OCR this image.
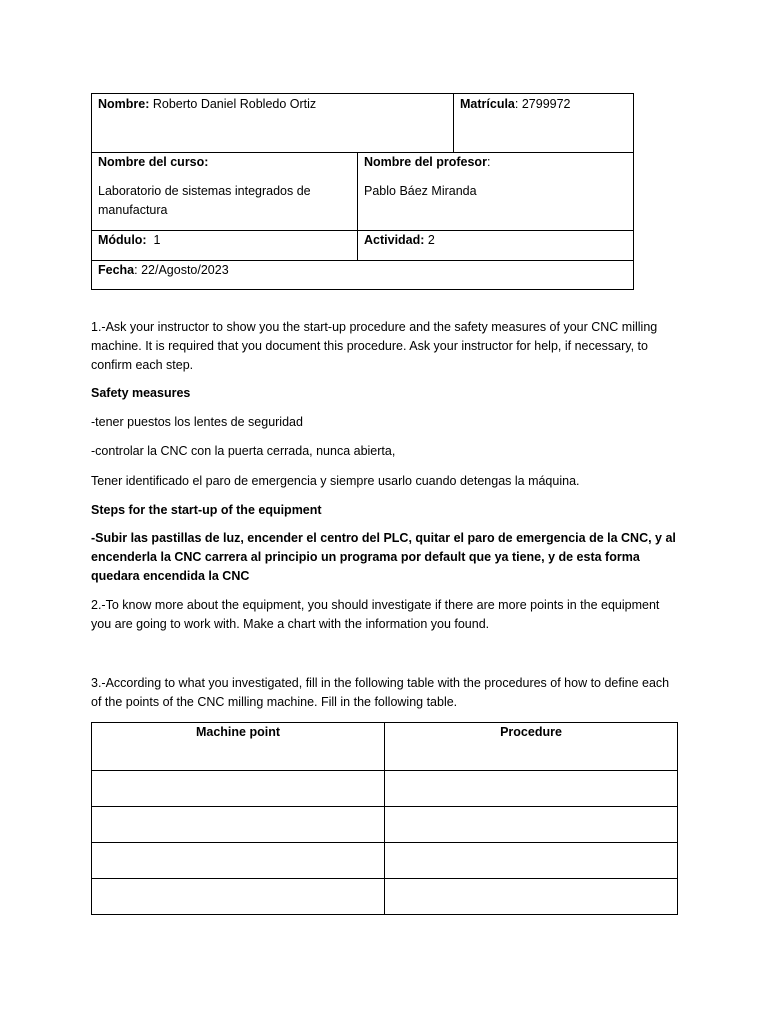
Nombre: Roberto Daniel Robledo Ortiz	Matrícula: 2799972
Nombre del curso:
Laboratorio de sistemas integrados de manufactura
Nombre del profesor:
Pablo Báez Miranda
Módulo:  1	Actividad: 2
Fecha: 22/Agosto/2023

1.-Ask your instructor to show you the start-up procedure and the safety measures of your CNC milling machine. It is required that you document this procedure. Ask your instructor for help, if necessary, to confirm each step.

Safety measures

-tener puestos los lentes de seguridad

-controlar la CNC con la puerta cerrada, nunca abierta,

Tener identificado el paro de emergencia y siempre usarlo cuando detengas la máquina.

Steps for the start-up of the equipment

-Subir las pastillas de luz, encender el centro del PLC, quitar el paro de emergencia de la CNC, y al encenderla la CNC carrera al principio un programa por default que ya tiene, y de esta forma quedara encendida la CNC

2.-To know more about the equipment, you should investigate if there are more points in the equipment you are going to work with. Make a chart with the information you found.

3.-According to what you investigated, fill in the following table with the procedures of how to define each of the points of the CNC milling machine. Fill in the following table.

Machine point	Procedure
